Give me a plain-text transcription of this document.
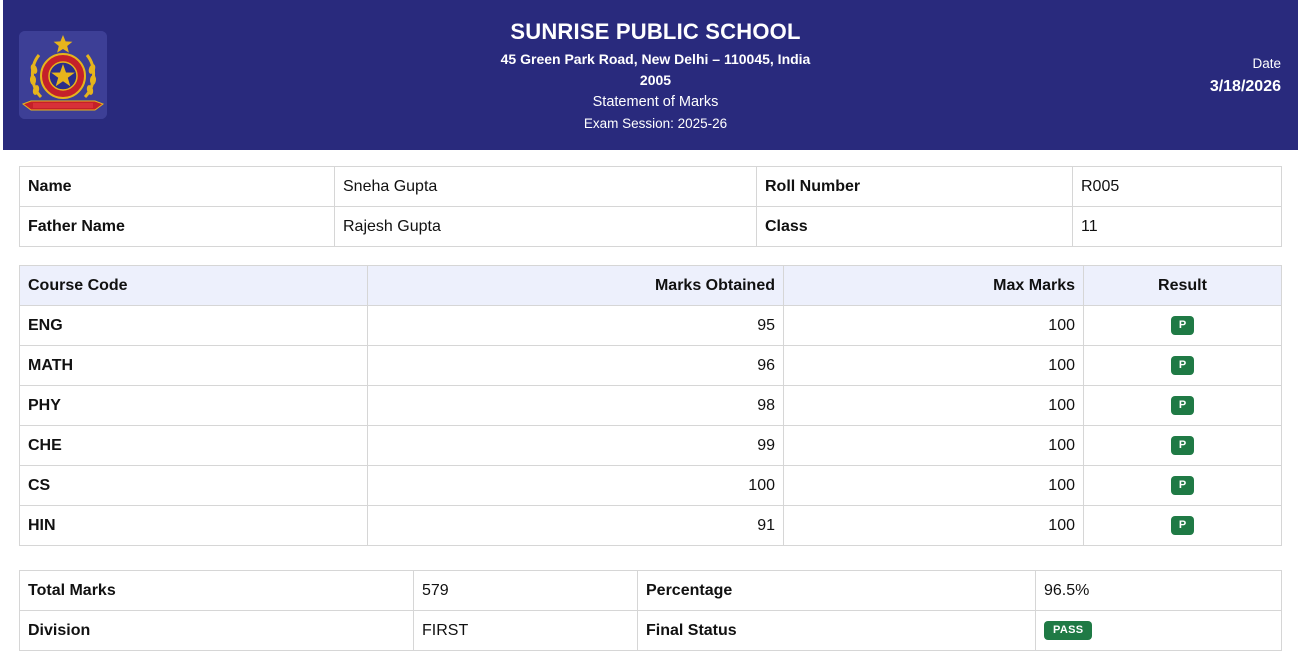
SUNRISE PUBLIC SCHOOL
45 Green Park Road, New Delhi – 110045, India
2005
Statement of Marks
Exam Session: 2025-26
Date
3/18/2026
Name	Sneha Gupta	Roll Number	R005
Father Name	Rajesh Gupta	Class	11
Course Code	Marks Obtained	Max Marks	Result
ENG	95	100	P
MATH	96	100	P
PHY	98	100	P
CHE	99	100	P
CS	100	100	P
HIN	91	100	P
Total Marks	579	Percentage	96.5%
Division	FIRST	Final Status	PASS
